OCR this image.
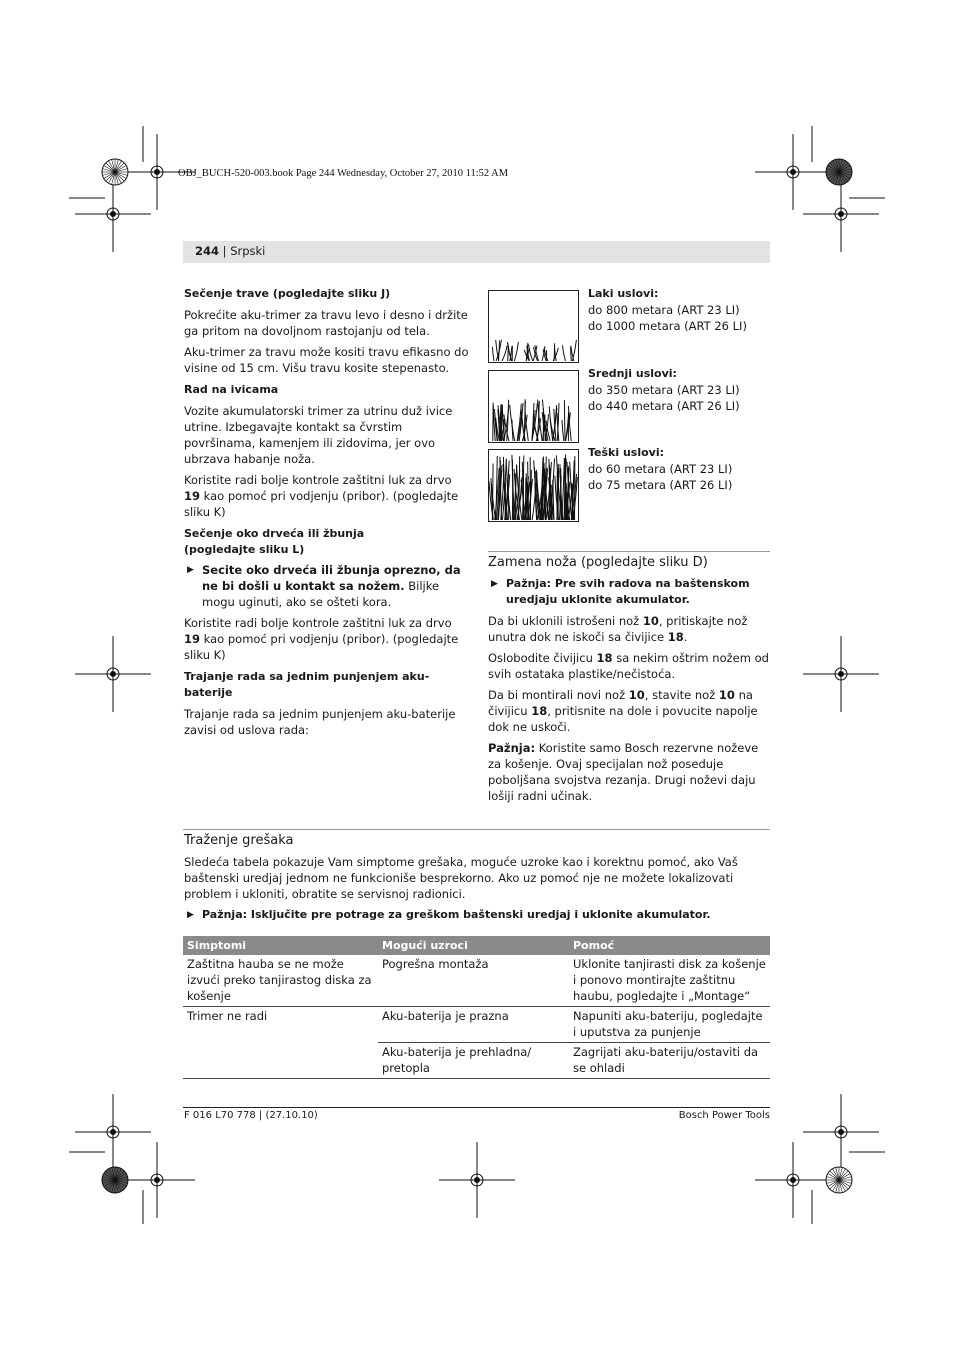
OBJ_BUCH-520-003.book Page 244 Wednesday, October 27, 2010 11:52 AM
244 | Srpski
Sečenje trave (pogledajte sliku J)

Pokrećite aku-trimer za travu levo i desno i držite ga pritom na dovoljnom rastojanju od tela.

Aku-trimer za travu može kositi travu efikasno do visine od 15 cm. Višu travu kosite stepenasto.

Rad na ivicama

Vozite akumulatorski trimer za utrinu duž ivice utrine. Izbegavajte kontakt sa čvrstim površinama, kamenjem ili zidovima, jer ovo ubrzava habanje noža.

Koristite radi bolje kontrole zaštitni luk za drvo 19 kao pomoć pri vodjenju (pribor). (pogledajte sliku K)

Sečenje oko drveća ili žbunja
(pogledajte sliku L)
▶ Secite oko drveća ili žbunja oprezno, da ne bi došli u kontakt sa nožem. Biljke mogu uginuti, ako se ošteti kora.

Koristite radi bolje kontrole zaštitni luk za drvo 19 kao pomoć pri vodjenju (pribor). (pogledajte sliku K)

Trajanje rada sa jednim punjenjem aku-baterije

Trajanje rada sa jednim punjenjem aku-baterije zavisi od uslova rada:

Laki uslovi:
do 800 metara (ART 23 LI)
do 1000 metara (ART 26 LI)
Srednji uslovi:
do 350 metara (ART 23 LI)
do 440 metara (ART 26 LI)
Teški uslovi:
do 60 metara (ART 23 LI)
do 75 metara (ART 26 LI)
Zamena noža (pogledajte sliku D)
▶ Pažnja: Pre svih radova na baštenskom
uredjaju uklonite akumulator.

Da bi uklonili istrošeni nož 10, pritiskajte nož unutra dok ne iskoči sa čivijice 18.

Oslobodite čivijicu 18 sa nekim oštrim nožem od svih ostataka plastike/nečistoća.

Da bi montirali novi nož 10, stavite nož 10 na čivijicu 18, pritisnite na dole i povucite napolje dok ne uskoči.

Pažnja: Koristite samo Bosch rezervne noževe za košenje. Ovaj specijalan nož poseduje poboljšana svojstva rezanja. Drugi noževi daju lošiji radni učinak.

Traženje grešaka

Sledeća tabela pokazuje Vam simptome grešaka, moguće uzroke kao i korektnu pomoć, ako Vaš baštenski uredjaj jednom ne funkcioniše besprekorno. Ako uz pomoć nje ne možete lokalizovati problem i ukloniti, obratite se servisnoj radionici.

▶ Pažnja: Isključite pre potrage za greškom baštenski uredjaj i uklonite akumulator.
Simptomi	Mogući uzroci	Pomoć
Zaštitna hauba se ne može izvući preko tanjirastog diska za košenje	Pogrešna montaža	Uklonite tanjirasti disk za košenje i ponovo montirajte zaštitnu haubu, pogledajte i „Montage“
Trimer ne radi	Aku-baterija je prazna	Napuniti aku-bateriju, pogledajte i uputstva za punjenje
	Aku-baterija je prehladna/ pretopla	Zagrijati aku-bateriju/ostaviti da se ohladi
F 016 L70 778 | (27.10.10)	Bosch Power Tools
